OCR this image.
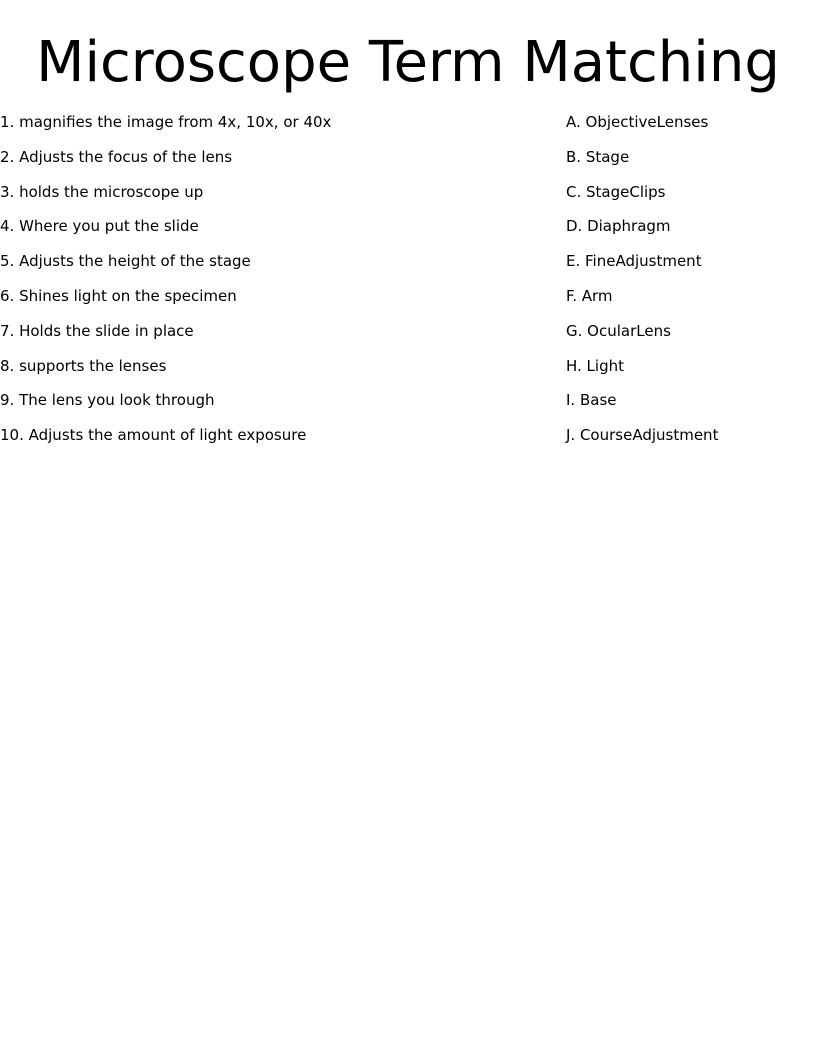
Microscope Term Matching
1. magnifies the image from 4x, 10x, or 40x
2. Adjusts the focus of the lens
3. holds the microscope up
4. Where you put the slide
5. Adjusts the height of the stage
6. Shines light on the specimen
7. Holds the slide in place
8. supports the lenses
9. The lens you look through
10. Adjusts the amount of light exposure
A. ObjectiveLenses
B. Stage
C. StageClips
D. Diaphragm
E. FineAdjustment
F. Arm
G. OcularLens
H. Light
I. Base
J. CourseAdjustment
